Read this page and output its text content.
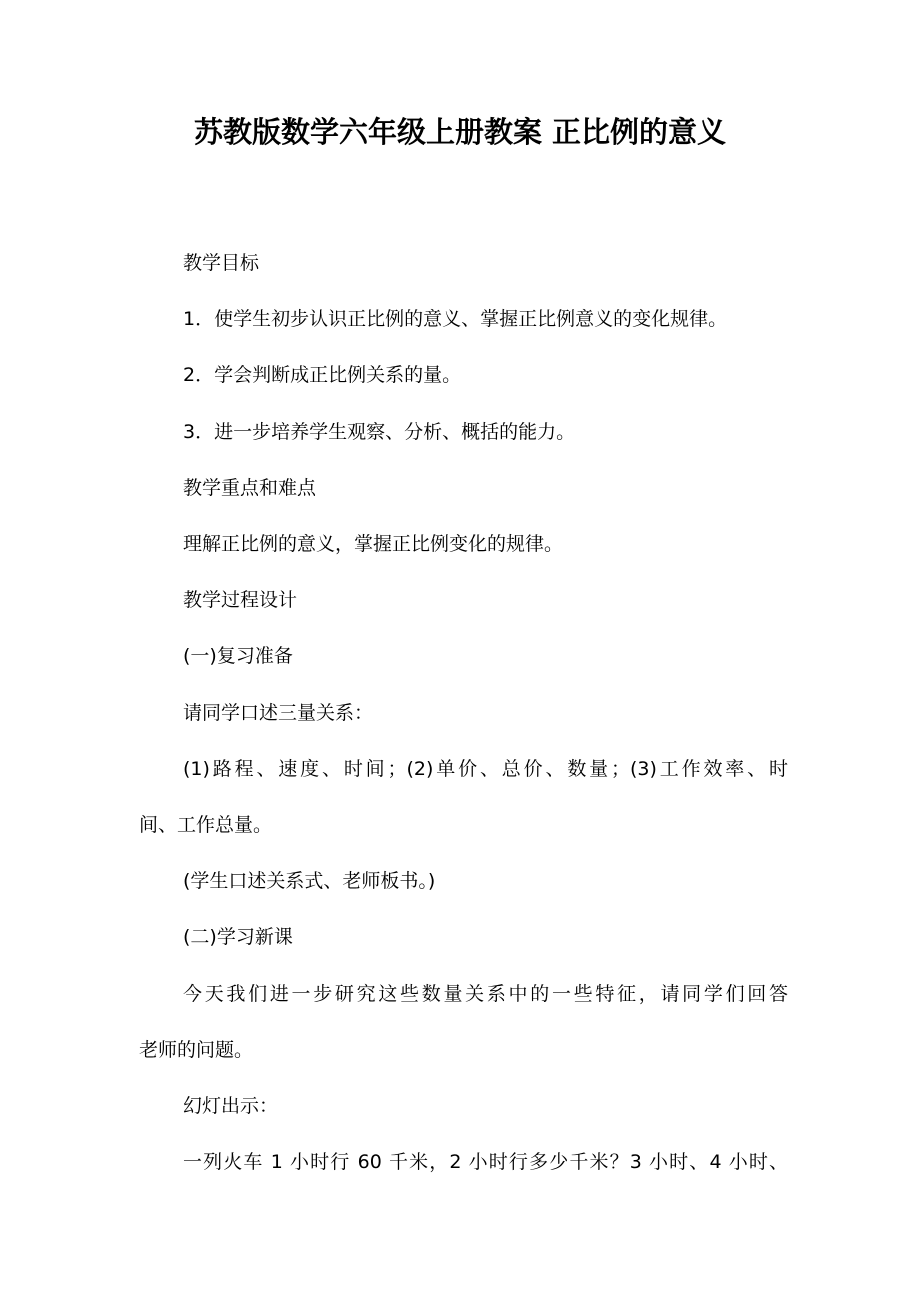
苏教版数学六年级上册教案 正比例的意义
教学目标
1．使学生初步认识正比例的意义、掌握正比例意义的变化规律。
2．学会判断成正比例关系的量。
3．进一步培养学生观察、分析、概括的能力。
教学重点和难点
理解正比例的意义，掌握正比例变化的规律。
教学过程设计
(一)复习准备
请同学口述三量关系：
(1)路程、速度、时间；(2)单价、总价、数量；(3)工作效率、时
间、工作总量。
(学生口述关系式、老师板书。)
(二)学习新课
今天我们进一步研究这些数量关系中的一些特征，请同学们回答
老师的问题。
幻灯出示：
一列火车 1 小时行 60 千米，2 小时行多少千米？3 小时、4 小时、
